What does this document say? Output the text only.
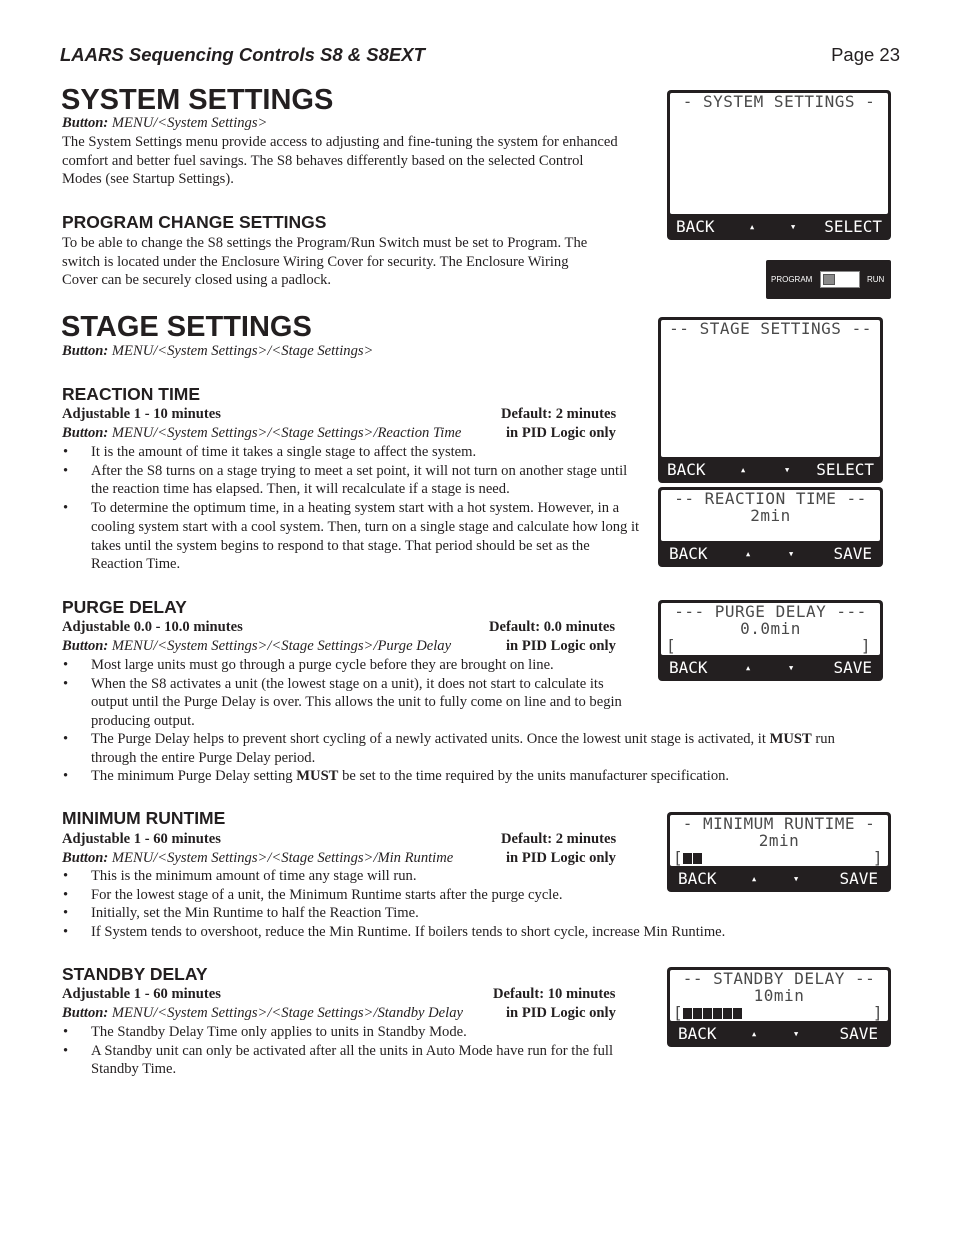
LAARS Sequencing Controls S8 & S8EXT	Page 23
SYSTEM SETTINGS
Button: MENU/<System Settings>
The System Settings menu provide access to adjusting and fine-tuning the system for enhanced
comfort and better fuel savings. The S8 behaves differently based on the selected Control
Modes (see Startup Settings).
PROGRAM CHANGE SETTINGS
To be able to change the S8 settings the Program/Run Switch must be set to Program. The
switch is located under the Enclosure Wiring Cover for security. The Enclosure Wiring
Cover can be securely closed using a padlock.	PROGRAM	RUN
STAGE SETTINGS
Button: MENU/<System Settings>/<Stage Settings>
REACTION TIME
Adjustable 1 - 10 minutes	Default: 2 minutes
Button: MENU/<System Settings>/<Stage Settings>/Reaction Time	in PID Logic only
• It is the amount of time it takes a single stage to affect the system.
• After the S8 turns on a stage trying to meet a set point, it will not turn on another stage until the reaction time has elapsed. Then, it will recalculate if a stage is need.
• To determine the optimum time, in a heating system start with a hot system. However, in a cooling system start with a cool system. Then, turn on a single stage and calculate how long it takes until the system begins to respond to that stage. That period should be set as the Reaction Time.
PURGE DELAY
Adjustable 0.0 - 10.0 minutes	Default: 0.0 minutes
Button: MENU/<System Settings>/<Stage Settings>/Purge Delay	in PID Logic only
• Most large units must go through a purge cycle before they are brought on line.
• When the S8 activates a unit (the lowest stage on a unit), it does not start to calculate its output until the Purge Delay is over. This allows the unit to fully come on line and to begin producing output.
• The Purge Delay helps to prevent short cycling of a newly activated units. Once the lowest unit stage is activated, it MUST run
through the entire Purge Delay period.
• The minimum Purge Delay setting MUST be set to the time required by the units manufacturer specification.
MINIMUM RUNTIME
Adjustable 1 - 60 minutes	Default: 2 minutes
Button: MENU/<System Settings>/<Stage Settings>/Min Runtime	in PID Logic only
• This is the minimum amount of time any stage will run.
• For the lowest stage of a unit, the Minimum Runtime starts after the purge cycle.
• Initially, set the Min Runtime to half the Reaction Time.
• If System tends to overshoot, reduce the Min Runtime. If boilers tends to short cycle, increase Min Runtime.
STANDBY DELAY
Adjustable 1 - 60 minutes	Default: 10 minutes
Button: MENU/<System Settings>/<Stage Settings>/Standby Delay	in PID Logic only
• The Standby Delay Time only applies to units in Standby Mode.
• A Standby unit can only be activated after all the units in Auto Mode have run for the full Standby Time.
- SYSTEM SETTINGS -
BACK	▲	▼ SELECT
-- STAGE SETTINGS --
BACK	▲	▼ SELECT
-- REACTION TIME --
2min
BACK	▲	▼	SAVE
--- PURGE DELAY ---
0.0min
[	]
BACK	▲	▼	SAVE
- MINIMUM RUNTIME -
2min
[	]
BACK	▲	▼	SAVE
-- STANDBY DELAY --
10min
[	]
BACK	▲	▼	SAVE
